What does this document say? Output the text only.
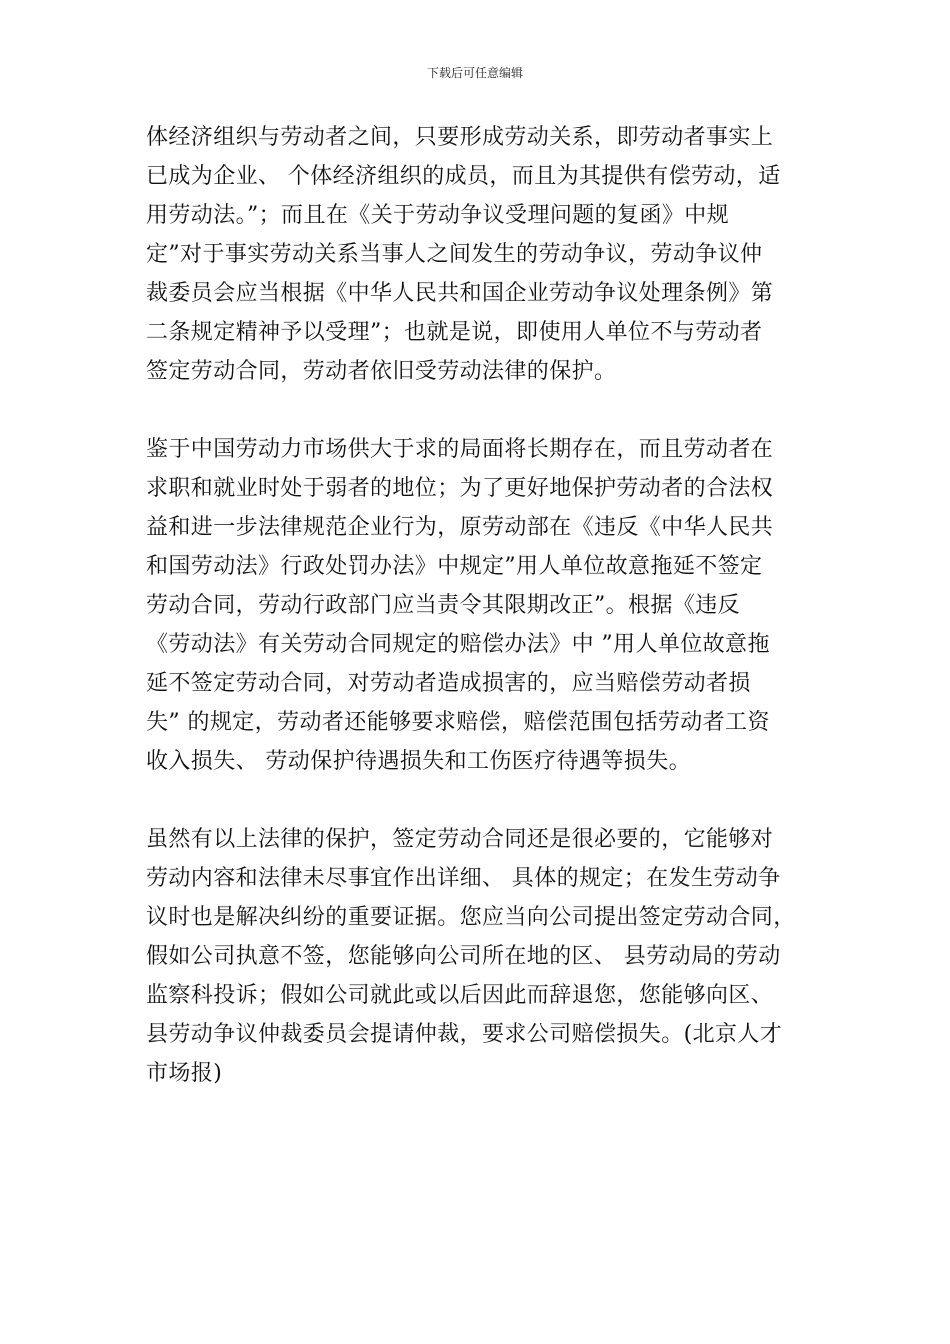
下载后可任意编辑
体经济组织与劳动者之间，只要形成劳动关系，即劳动者事实上
已成为企业、 个体经济组织的成员，而且为其提供有偿劳动，适
用劳动法。”；而且在《关于劳动争议受理问题的复函》中规
定”对于事实劳动关系当事人之间发生的劳动争议，劳动争议仲
裁委员会应当根据《中华人民共和国企业劳动争议处理条例》第
二条规定精神予以受理”；也就是说，即使用人单位不与劳动者
签定劳动合同，劳动者依旧受劳动法律的保护。
鉴于中国劳动力市场供大于求的局面将长期存在，而且劳动者在
求职和就业时处于弱者的地位；为了更好地保护劳动者的合法权
益和进一步法律规范企业行为，原劳动部在《违反《中华人民共
和国劳动法》行政处罚办法》中规定”用人单位故意拖延不签定
劳动合同，劳动行政部门应当责令其限期改正”。根据《违反
《劳动法》有关劳动合同规定的赔偿办法》中 ”用人单位故意拖
延不签定劳动合同，对劳动者造成损害的，应当赔偿劳动者损
失” 的规定，劳动者还能够要求赔偿，赔偿范围包括劳动者工资
收入损失、 劳动保护待遇损失和工伤医疗待遇等损失。
虽然有以上法律的保护，签定劳动合同还是很必要的，它能够对
劳动内容和法律未尽事宜作出详细、 具体的规定；在发生劳动争
议时也是解决纠纷的重要证据。您应当向公司提出签定劳动合同，
假如公司执意不签，您能够向公司所在地的区、 县劳动局的劳动
监察科投诉；假如公司就此或以后因此而辞退您，您能够向区、
县劳动争议仲裁委员会提请仲裁，要求公司赔偿损失。(北京人才
市场报)
